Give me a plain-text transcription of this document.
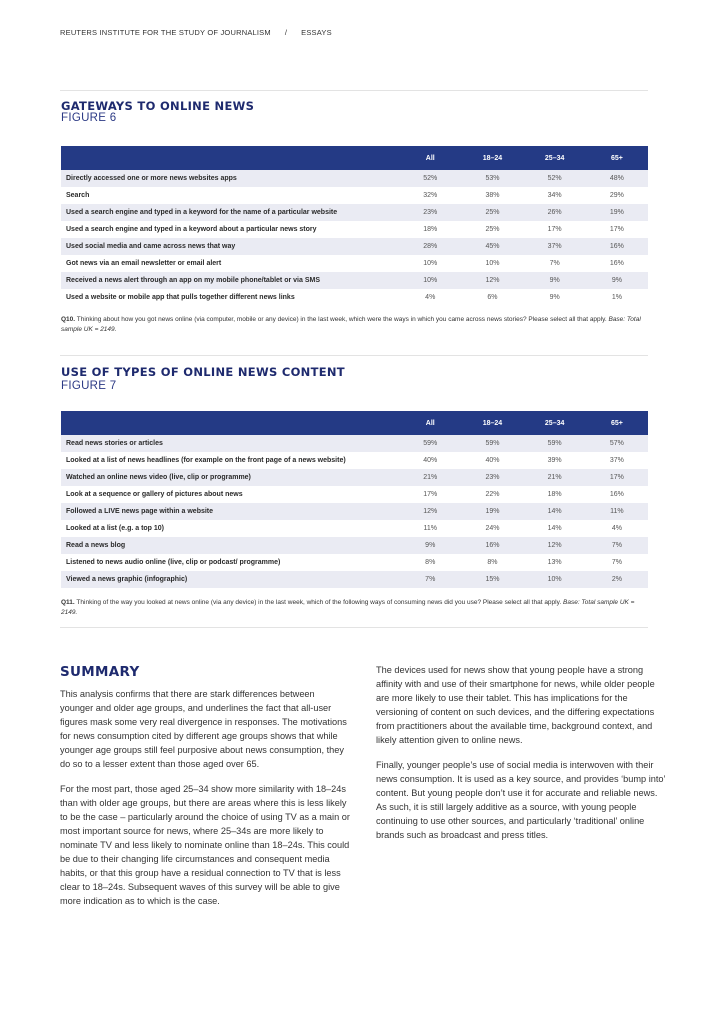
REUTERS INSTITUTE FOR THE STUDY OF JOURNALISM / ESSAYS
GATEWAYS TO ONLINE NEWS
FIGURE 6
	All	18–24	25–34	65+
Directly accessed one or more news websites apps	52%	53%	52%	48%
Search	32%	38%	34%	29%
Used a search engine and typed in a keyword for the name of a particular website	23%	25%	26%	19%
Used a search engine and typed in a keyword about a particular news story	18%	25%	17%	17%
Used social media and came across news that way	28%	45%	37%	16%
Got news via an email newsletter or email alert	10%	10%	7%	16%
Received a news alert through an app on my mobile phone/tablet or via SMS	10%	12%	9%	9%
Used a website or mobile app that pulls together different news links	4%	6%	9%	1%
Q10. Thinking about how you got news online (via computer, mobile or any device) in the last week, which were the ways in which you came across news stories? Please select all that apply. Base: Total sample UK = 2149.
USE OF TYPES OF ONLINE NEWS CONTENT
FIGURE 7
	All	18–24	25–34	65+
Read news stories or articles	59%	59%	59%	57%
Looked at a list of news headlines (for example on the front page of a news website)	40%	40%	39%	37%
Watched an online news video (live, clip or programme)	21%	23%	21%	17%
Look at a sequence or gallery of pictures about news	17%	22%	18%	16%
Followed a LIVE news page within a website	12%	19%	14%	11%
Looked at a list (e.g. a top 10)	11%	24%	14%	4%
Read a news blog	9%	16%	12%	7%
Listened to news audio online (live, clip or podcast/ programme)	8%	8%	13%	7%
Viewed a news graphic (infographic)	7%	15%	10%	2%
Q11. Thinking of the way you looked at news online (via any device) in the last week, which of the following ways of consuming news did you use? Please select all that apply. Base: Total sample UK = 2149.
SUMMARY

This analysis confirms that there are stark differences between younger and older age groups, and underlines the fact that all-user figures mask some very real divergence in responses. The motivations for news consumption cited by different age groups shows that while younger age groups still feel purposive about news consumption, they do so to a lesser extent than those aged over 65.

For the most part, those aged 25–34 show more similarity with 18–24s than with older age groups, but there are areas where this is less likely to be the case – particularly around the choice of using TV as a main or most important source for news, where 25–34s are more likely to nominate TV and less likely to nominate online than 18–24s. This could be due to their changing life circumstances and consequent media habits, or that this group have a residual connection to TV that is less clear to 18–24s. Subsequent waves of this survey will be able to give more indication as to which is the case.

The devices used for news show that young people have a strong affinity with and use of their smartphone for news, while older people are more likely to use their tablet. This has implications for the versioning of content on such devices, and the differing expectations from practitioners about the available time, background context, and likely attention given to online news.

Finally, younger people’s use of social media is interwoven with their news consumption. It is used as a key source, and provides ‘bump into’ content. But young people don’t use it for accurate and reliable news. As such, it is still largely additive as a source, with young people continuing to use other sources, and particularly ‘traditional’ online brands such as broadcast and press titles.
